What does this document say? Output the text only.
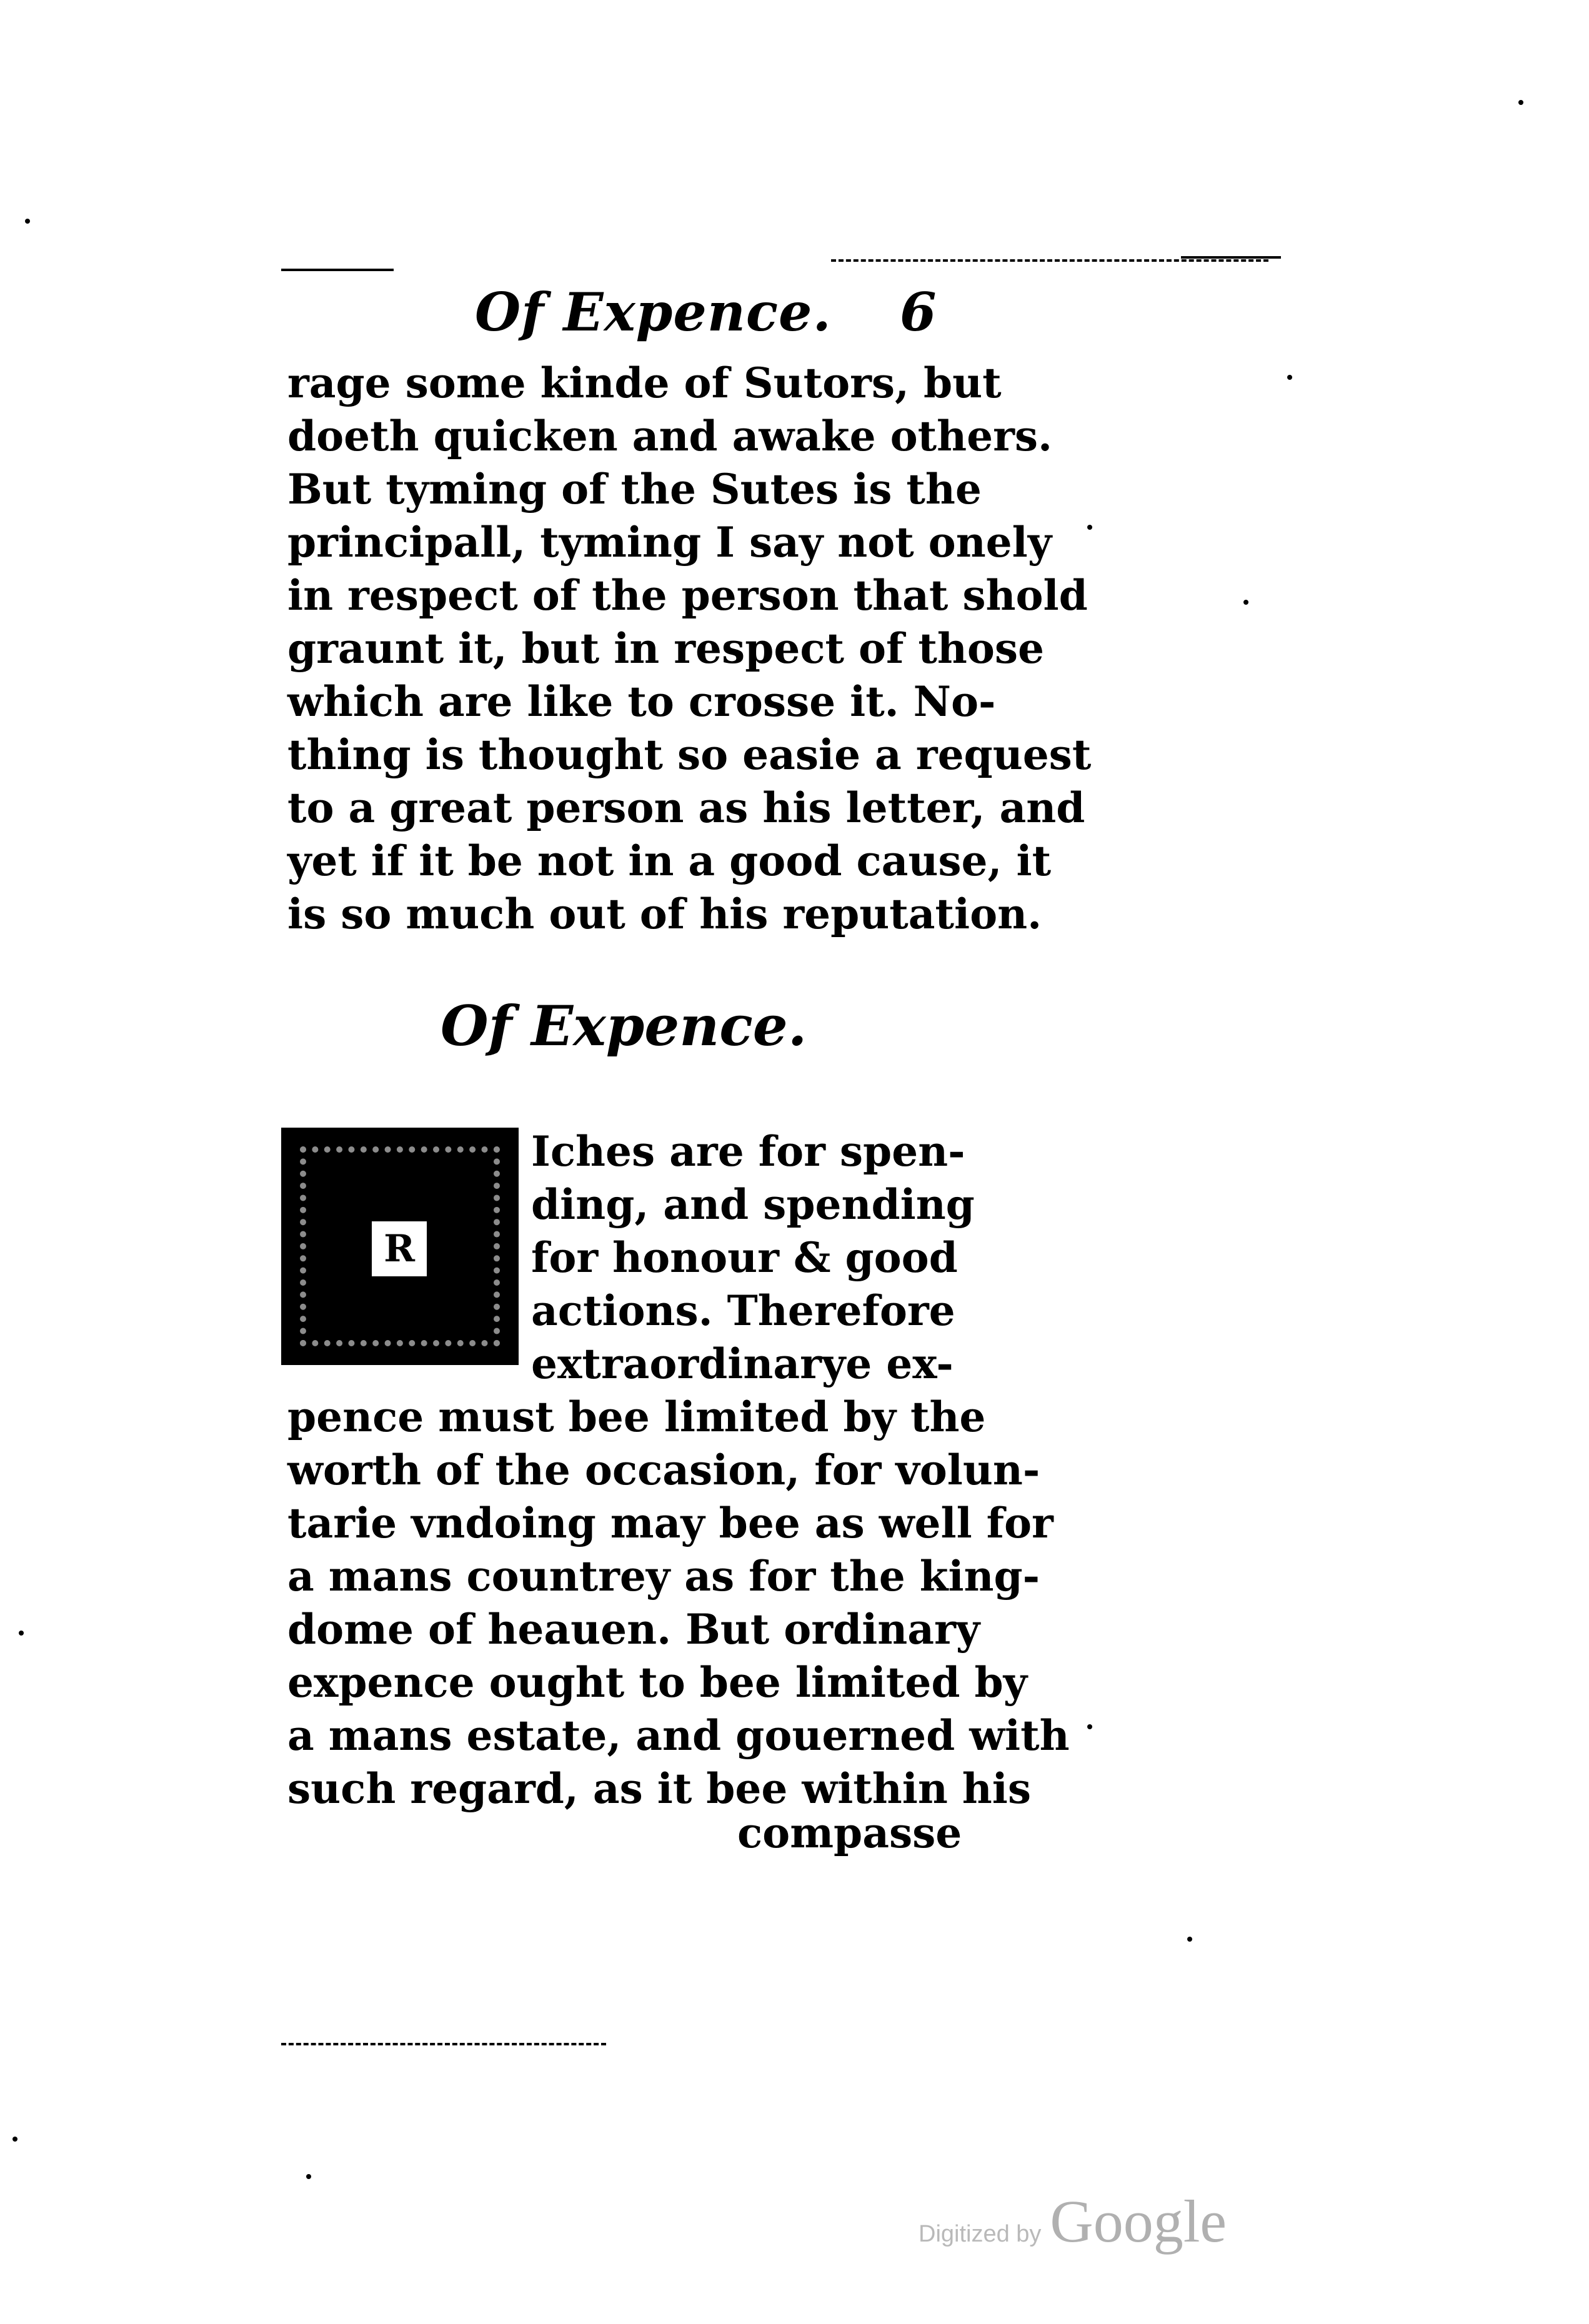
Of Expence. 6
rage some kinde of Sutors, but
doeth quicken and awake others.
But tyming of the Sutes is the
principall, tyming I say not onely
in respect of the person that shold
graunt it, but in respect of those
which are like to crosse it. No-
thing is thought so easie a request
to a great person as his letter, and
yet if it be not in a good cause, it
is so much out of his reputation.
Of Expence.
R
Iches are for spen-
ding, and spending
for honour & good
actions. Therefore
extraordinarye ex-
pence must bee limited by the
worth of the occasion, for volun-
tarie vndoing may bee as well for
a mans countrey as for the king-
dome of heauen. But ordinary
expence ought to bee limited by
a mans estate, and gouerned with
such regard, as it bee within his
compasse
Digitized by Google
